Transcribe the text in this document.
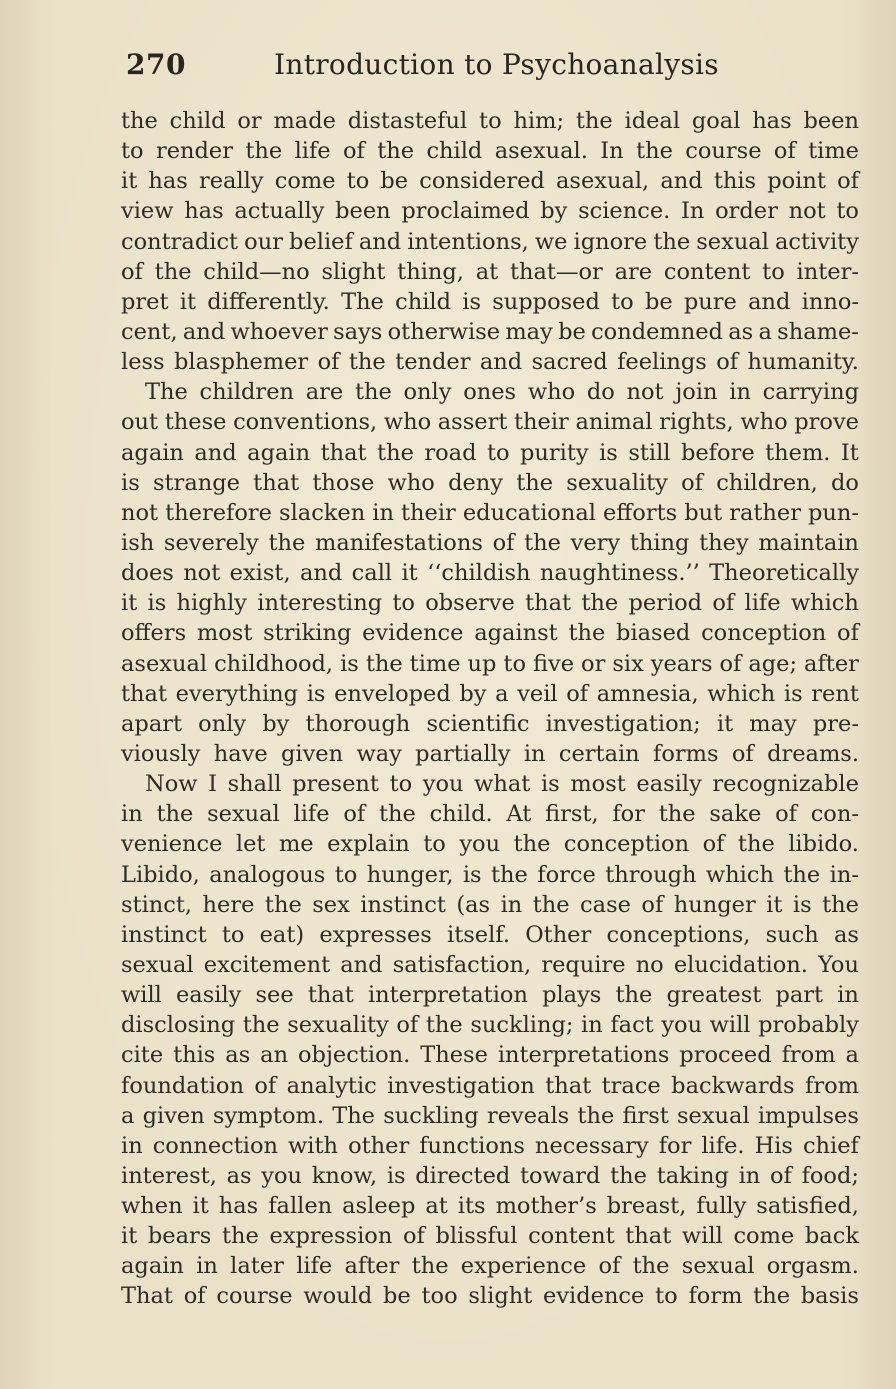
270	Introduction to Psychoanalysis
the child or made distasteful to him; the ideal goal has been
to render the life of the child asexual. In the course of time
it has really come to be considered asexual, and this point of
view has actually been proclaimed by science. In order not to
contradict our belief and intentions, we ignore the sexual activity
of the child—no slight thing, at that—or are content to inter-
pret it differently. The child is supposed to be pure and inno-
cent, and whoever says otherwise may be condemned as a shame-
less blasphemer of the tender and sacred feelings of humanity.
The children are the only ones who do not join in carrying
out these conventions, who assert their animal rights, who prove
again and again that the road to purity is still before them. It
is strange that those who deny the sexuality of children, do
not therefore slacken in their educational efforts but rather pun-
ish severely the manifestations of the very thing they maintain
does not exist, and call it ‘‘childish naughtiness.’’ Theoretically
it is highly interesting to observe that the period of life which
offers most striking evidence against the biased conception of
asexual childhood, is the time up to five or six years of age; after
that everything is enveloped by a veil of amnesia, which is rent
apart only by thorough scientific investigation; it may pre-
viously have given way partially in certain forms of dreams.
Now I shall present to you what is most easily recognizable
in the sexual life of the child. At first, for the sake of con-
venience let me explain to you the conception of the libido.
Libido, analogous to hunger, is the force through which the in-
stinct, here the sex instinct (as in the case of hunger it is the
instinct to eat) expresses itself. Other conceptions, such as
sexual excitement and satisfaction, require no elucidation. You
will easily see that interpretation plays the greatest part in
disclosing the sexuality of the suckling; in fact you will probably
cite this as an objection. These interpretations proceed from a
foundation of analytic investigation that trace backwards from
a given symptom. The suckling reveals the first sexual impulses
in connection with other functions necessary for life. His chief
interest, as you know, is directed toward the taking in of food;
when it has fallen asleep at its mother’s breast, fully satisfied,
it bears the expression of blissful content that will come back
again in later life after the experience of the sexual orgasm.
That of course would be too slight evidence to form the basis
